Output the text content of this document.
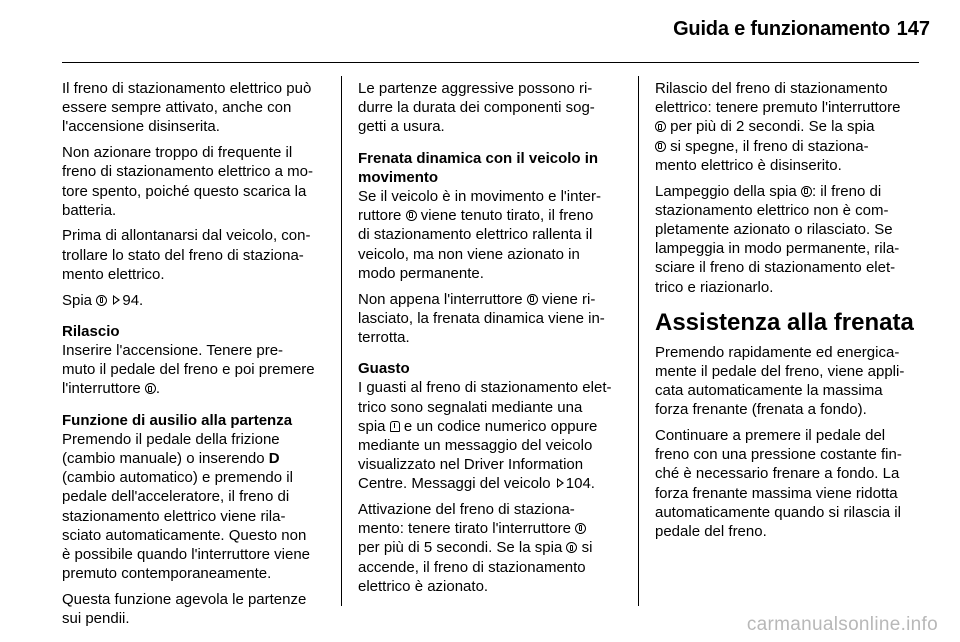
Guida e funzionamento 147

Il freno di stazionamento elettrico può
essere sempre attivato, anche con
l'accensione disinserita.

Non azionare troppo di frequente il
freno di stazionamento elettrico a mo-
tore spento, poiché questo scarica la
batteria.

Prima di allontanarsi dal veicolo, con-
trollare lo stato del freno di staziona-
mento elettrico.

Spia 94.

Rilascio
Inserire l'accensione. Tenere pre-
muto il pedale del freno e poi premere
l'interruttore .

Funzione di ausilio alla partenza
Premendo il pedale della frizione
(cambio manuale) o inserendo D
(cambio automatico) e premendo il
pedale dell'acceleratore, il freno di
stazionamento elettrico viene rila-
sciato automaticamente. Questo non
è possibile quando l'interruttore viene
premuto contemporaneamente.

Questa funzione agevola le partenze
sui pendii.

Le partenze aggressive possono ri-
durre la durata dei componenti sog-
getti a usura.

Frenata dinamica con il veicolo in
movimento
Se il veicolo è in movimento e l'inter-
ruttore viene tenuto tirato, il freno
di stazionamento elettrico rallenta il
veicolo, ma non viene azionato in
modo permanente.

Non appena l'interruttore viene ri-
lasciato, la frenata dinamica viene in-
terrotta.

Guasto
I guasti al freno di stazionamento elet-
trico sono segnalati mediante una
spia e un codice numerico oppure
mediante un messaggio del veicolo
visualizzato nel Driver Information
Centre. Messaggi del veicolo 104.

Attivazione del freno di staziona-
mento: tenere tirato l'interruttore
per più di 5 secondi. Se la spia si
accende, il freno di stazionamento
elettrico è azionato.

Rilascio del freno di stazionamento
elettrico: tenere premuto l'interruttore
per più di 2 secondi. Se la spia
si spegne, il freno di staziona-
mento elettrico è disinserito.

Lampeggio della spia : il freno di
stazionamento elettrico non è com-
pletamente azionato o rilasciato. Se
lampeggia in modo permanente, rila-
sciare il freno di stazionamento elet-
trico e riazionarlo.

Assistenza alla frenata

Premendo rapidamente ed energica-
mente il pedale del freno, viene appli-
cata automaticamente la massima
forza frenante (frenata a fondo).

Continuare a premere il pedale del
freno con una pressione costante fin-
ché è necessario frenare a fondo. La
forza frenante massima viene ridotta
automaticamente quando si rilascia il
pedale del freno.

carmanualsonline.info
